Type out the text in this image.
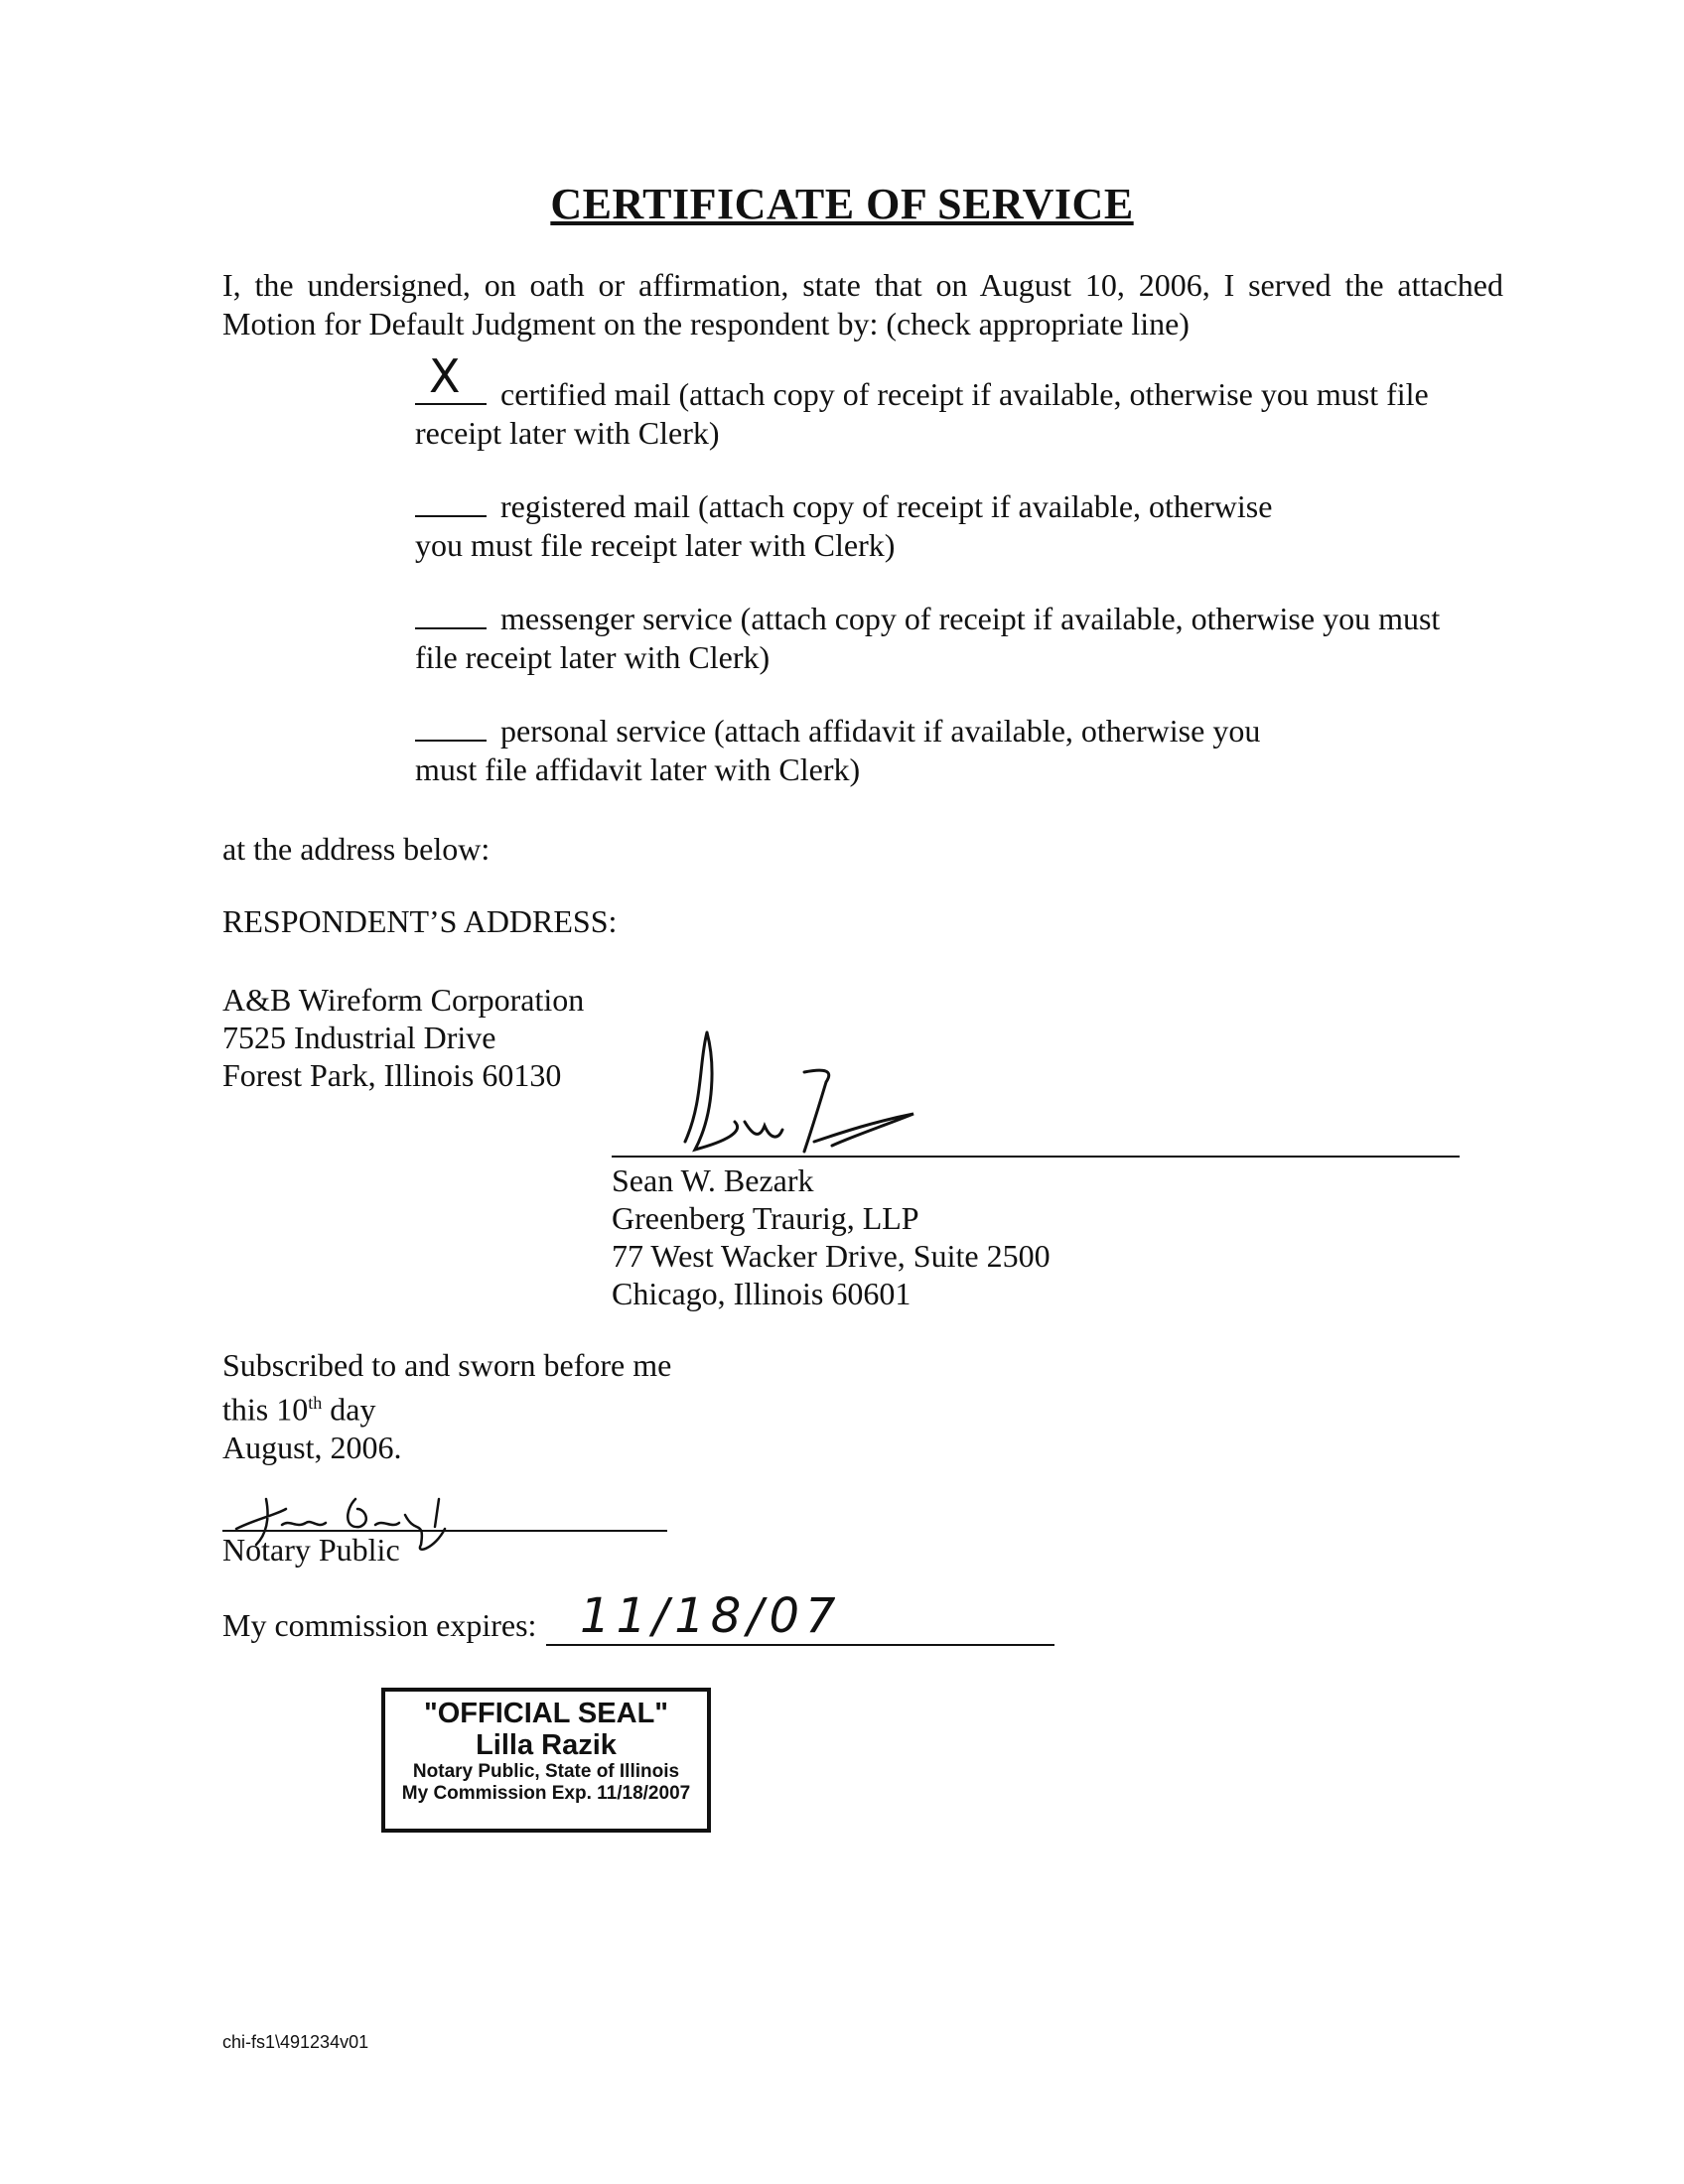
CERTIFICATE OF SERVICE
I, the undersigned, on oath or affirmation, state that on August 10, 2006, I served the attached Motion for Default Judgment on the respondent by: (check appropriate line)
X certified mail (attach copy of receipt if available, otherwise you must file
receipt later with Clerk)
registered mail (attach copy of receipt if available, otherwise
you must file receipt later with Clerk)
messenger service (attach copy of receipt if available, otherwise you must
file receipt later with Clerk)
personal service (attach affidavit if available, otherwise you
must file affidavit later with Clerk)
at the address below:
RESPONDENT’S ADDRESS:
A&B Wireform Corporation
7525 Industrial Drive
Forest Park, Illinois 60130
Sean W. Bezark
Greenberg Traurig, LLP
77 West Wacker Drive, Suite 2500
Chicago, Illinois 60601
Subscribed to and sworn before me
this 10th day
August, 2006.
Notary Public
My commission expires: 11/18/07
"OFFICIAL SEAL"
Lilla Razik
Notary Public, State of Illinois
My Commission Exp. 11/18/2007
chi-fs1\491234v01
